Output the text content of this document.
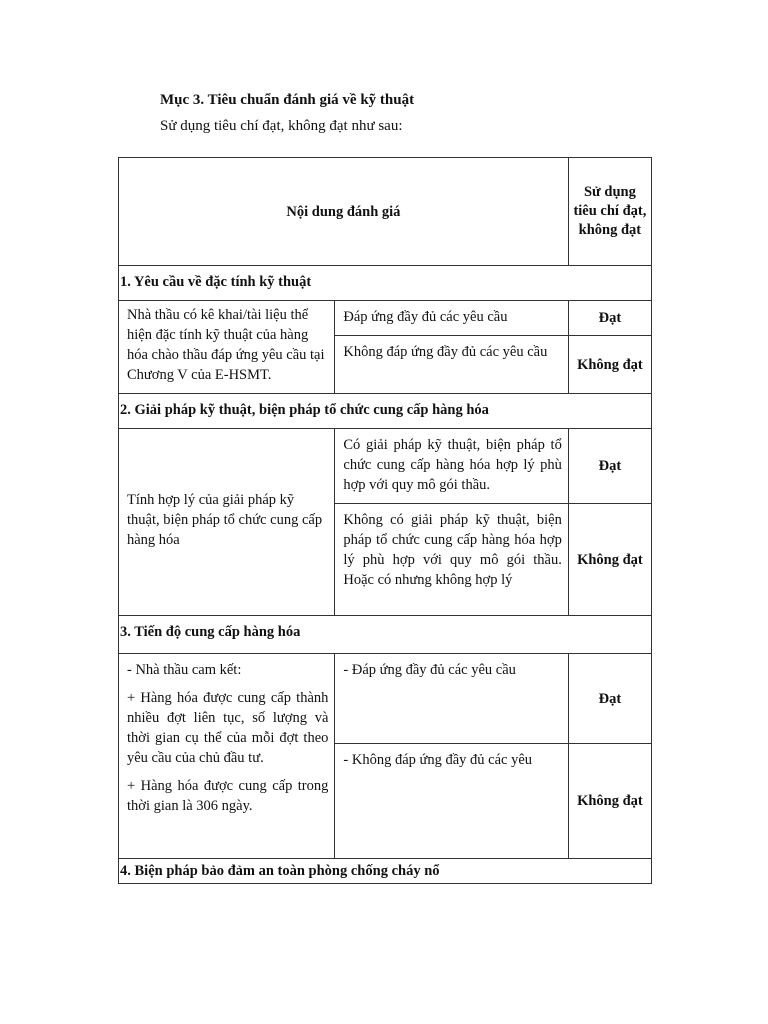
Mục 3. Tiêu chuẩn đánh giá về kỹ thuật
Sử dụng tiêu chí đạt, không đạt như sau:
Nội dung đánh giá		Sử dụng tiêu chí đạt, không đạt
1. Yêu cầu về đặc tính kỹ thuật		
Nhà thầu có kê khai/tài liệu thể hiện đặc tính kỹ thuật của hàng hóa chào thầu đáp ứng yêu cầu tại Chương V của E-HSMT.	Đáp ứng đầy đủ các yêu cầu	Đạt
	Không đáp ứng đầy đủ các yêu cầu	Không đạt
2. Giải pháp kỹ thuật, biện pháp tổ chức cung cấp hàng hóa		
Tính hợp lý của giải pháp kỹ thuật, biện pháp tổ chức cung cấp hàng hóa	Có giải pháp kỹ thuật, biện pháp tổ chức cung cấp hàng hóa hợp lý phù hợp với quy mô gói thầu.	Đạt
	Không có giải pháp kỹ thuật, biện pháp tổ chức cung cấp hàng hóa hợp lý phù hợp với quy mô gói thầu. Hoặc có nhưng không hợp lý	Không đạt
3. Tiến độ cung cấp hàng hóa		

- Nhà thầu cam kết:

+ Hàng hóa được cung cấp thành nhiều đợt liên tục, số lượng và thời gian cụ thể của mỗi đợt theo yêu cầu của chủ đầu tư.

+ Hàng hóa được cung cấp trong thời gian là 306 ngày.	- Đáp ứng đầy đủ các yêu cầu	Đạt
	- Không đáp ứng đầy đủ các yêu	Không đạt
4. Biện pháp bảo đảm an toàn phòng chống cháy nổ		
